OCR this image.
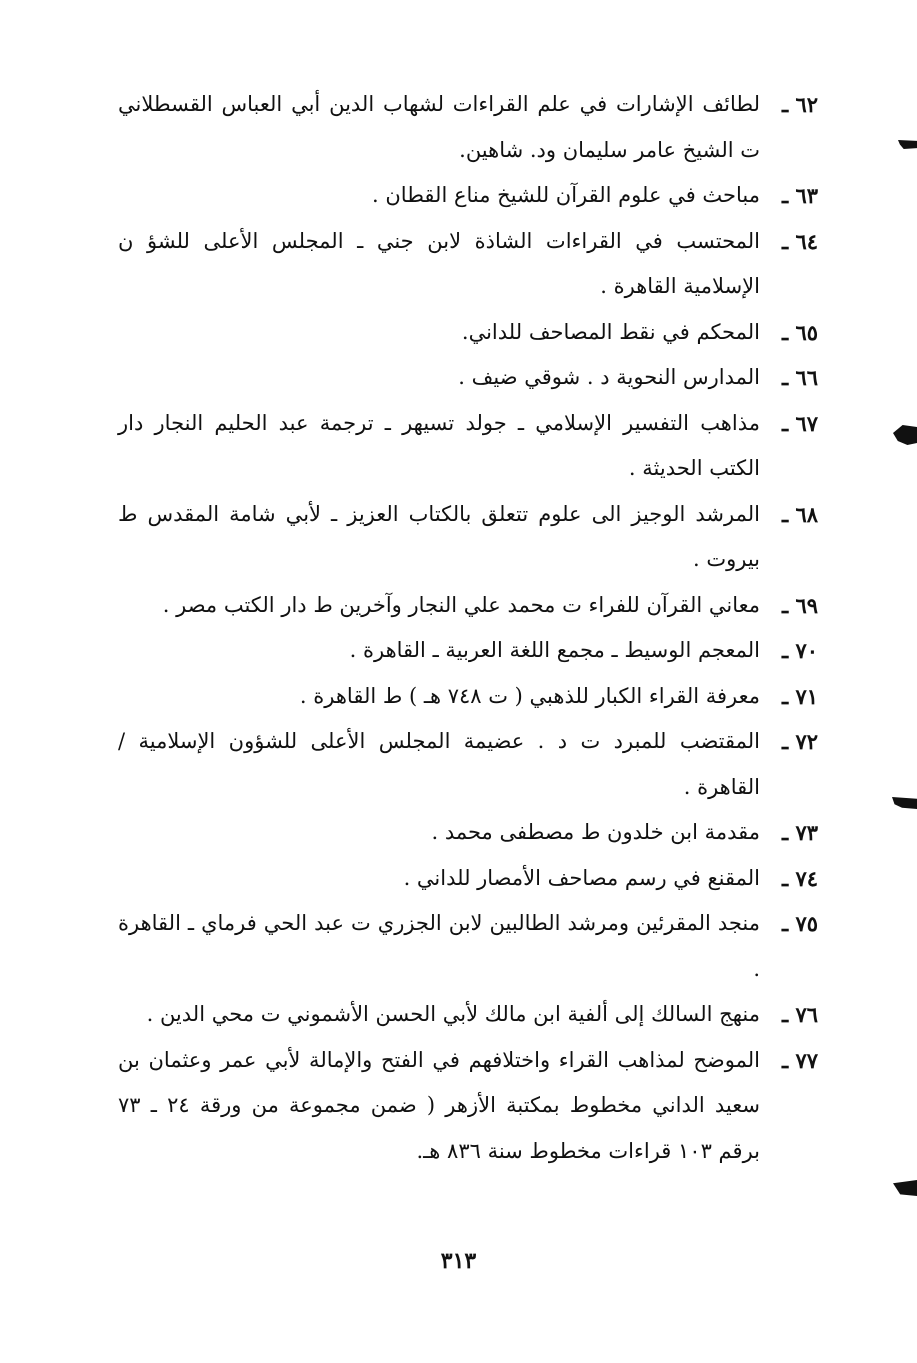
٦٢ ـ
لطائف الإشارات في علم القراءات لشهاب الدين أبي العباس القسطلاني ت الشيخ عامر سليمان ود. شاهين.
٦٣ ـ
مباحث في علوم القرآن للشيخ مناع القطان .
٦٤ ـ
المحتسب في القراءات الشاذة لابن جني ـ المجلس الأعلى للشؤ ن الإسلامية القاهرة .
٦٥ ـ
المحكم في نقط المصاحف للداني.
٦٦ ـ
المدارس النحوية د . شوقي ضيف .
٦٧ ـ
مذاهب التفسير الإسلامي ـ جولد تسيهر ـ ترجمة عبد الحليم النجار دار الكتب الحديثة .
٦٨ ـ
المرشد الوجيز الى علوم تتعلق بالكتاب العزيز ـ لأبي شامة المقدس ط بيروت .
٦٩ ـ
معاني القرآن للفراء ت محمد علي النجار وآخرين ط دار الكتب مصر .
٧٠ ـ
المعجم الوسيط ـ مجمع اللغة العربية ـ القاهرة .
٧١ ـ
معرفة القراء الكبار للذهبي ( ت ٧٤٨ هـ ) ط القاهرة .
٧٢ ـ
المقتضب للمبرد ت د . عضيمة المجلس الأعلى للشؤون الإسلامية / القاهرة .
٧٣ ـ
مقدمة ابن خلدون ط مصطفى محمد .
٧٤ ـ
المقنع في رسم مصاحف الأمصار للداني .
٧٥ ـ
منجد المقرئين ومرشد الطالبين لابن الجزري ت عبد الحي فرماي ـ القاهرة .
٧٦ ـ
منهج السالك إلى ألفية ابن مالك لأبي الحسن الأشموني ت محي الدين .
٧٧ ـ
الموضح لمذاهب القراء واختلافهم في الفتح والإمالة لأبي عمر وعثمان بن سعيد الداني مخطوط بمكتبة الأزهر ( ضمن مجموعة من ورقة ٢٤ ـ ٧٣ برقم ١٠٣ قراءات مخطوط سنة ٨٣٦ هـ.
٣١٣
